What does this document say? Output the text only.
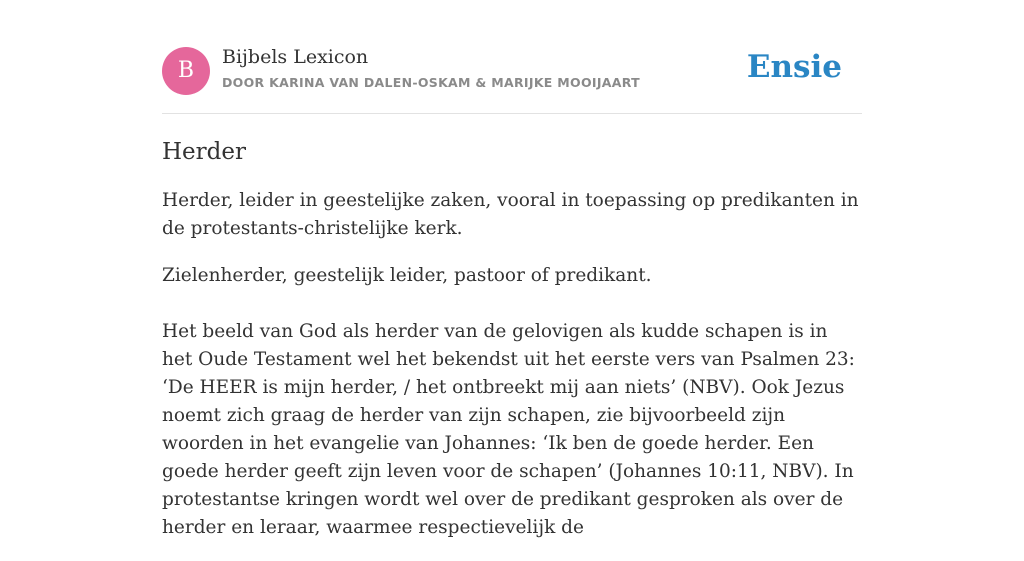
B
Bijbels Lexicon
DOOR KARINA VAN DALEN-OSKAM & MARIJKE MOOIJAART	Ensie
Herder

Herder, leider in geestelijke zaken, vooral in toepassing op predikanten in de protestants-christelijke kerk.

Zielenherder, geestelijk leider, pastoor of predikant.

Het beeld van God als herder van de gelovigen als kudde schapen is in het Oude Testament wel het bekendst uit het eerste vers van Psalmen 23: ‘De HEER is mijn herder, / het ontbreekt mij aan niets’ (NBV). Ook Jezus noemt zich graag de herder van zijn schapen, zie bijvoorbeeld zijn woorden in het evangelie van Johannes: ‘Ik ben de goede herder. Een goede herder geeft zijn leven voor de schapen’ (Johannes 10:11, NBV). In protestantse kringen wordt wel over de predikant gesproken als over de herder en leraar, waarmee respectievelijk de
